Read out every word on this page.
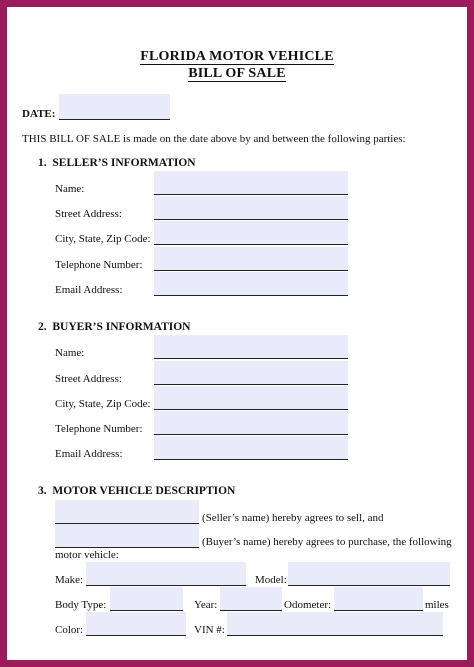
FLORIDA MOTOR VEHICLE
BILL OF SALE
DATE:
THIS BILL OF SALE is made on the date above by and between the following parties:
1.  SELLER’S INFORMATION
Name:
Street Address:
City, State, Zip Code:
Telephone Number:
Email Address:
2.  BUYER’S INFORMATION
Name:
Street Address:
City, State, Zip Code:
Telephone Number:
Email Address:
3.  MOTOR VEHICLE DESCRIPTION
(Seller’s name) hereby agrees to sell, and
(Buyer’s name) hereby agrees to purchase, the following
motor vehicle:
Make:	Model:
Body Type:	Year:	Odometer:	miles
Color:	VIN #:
